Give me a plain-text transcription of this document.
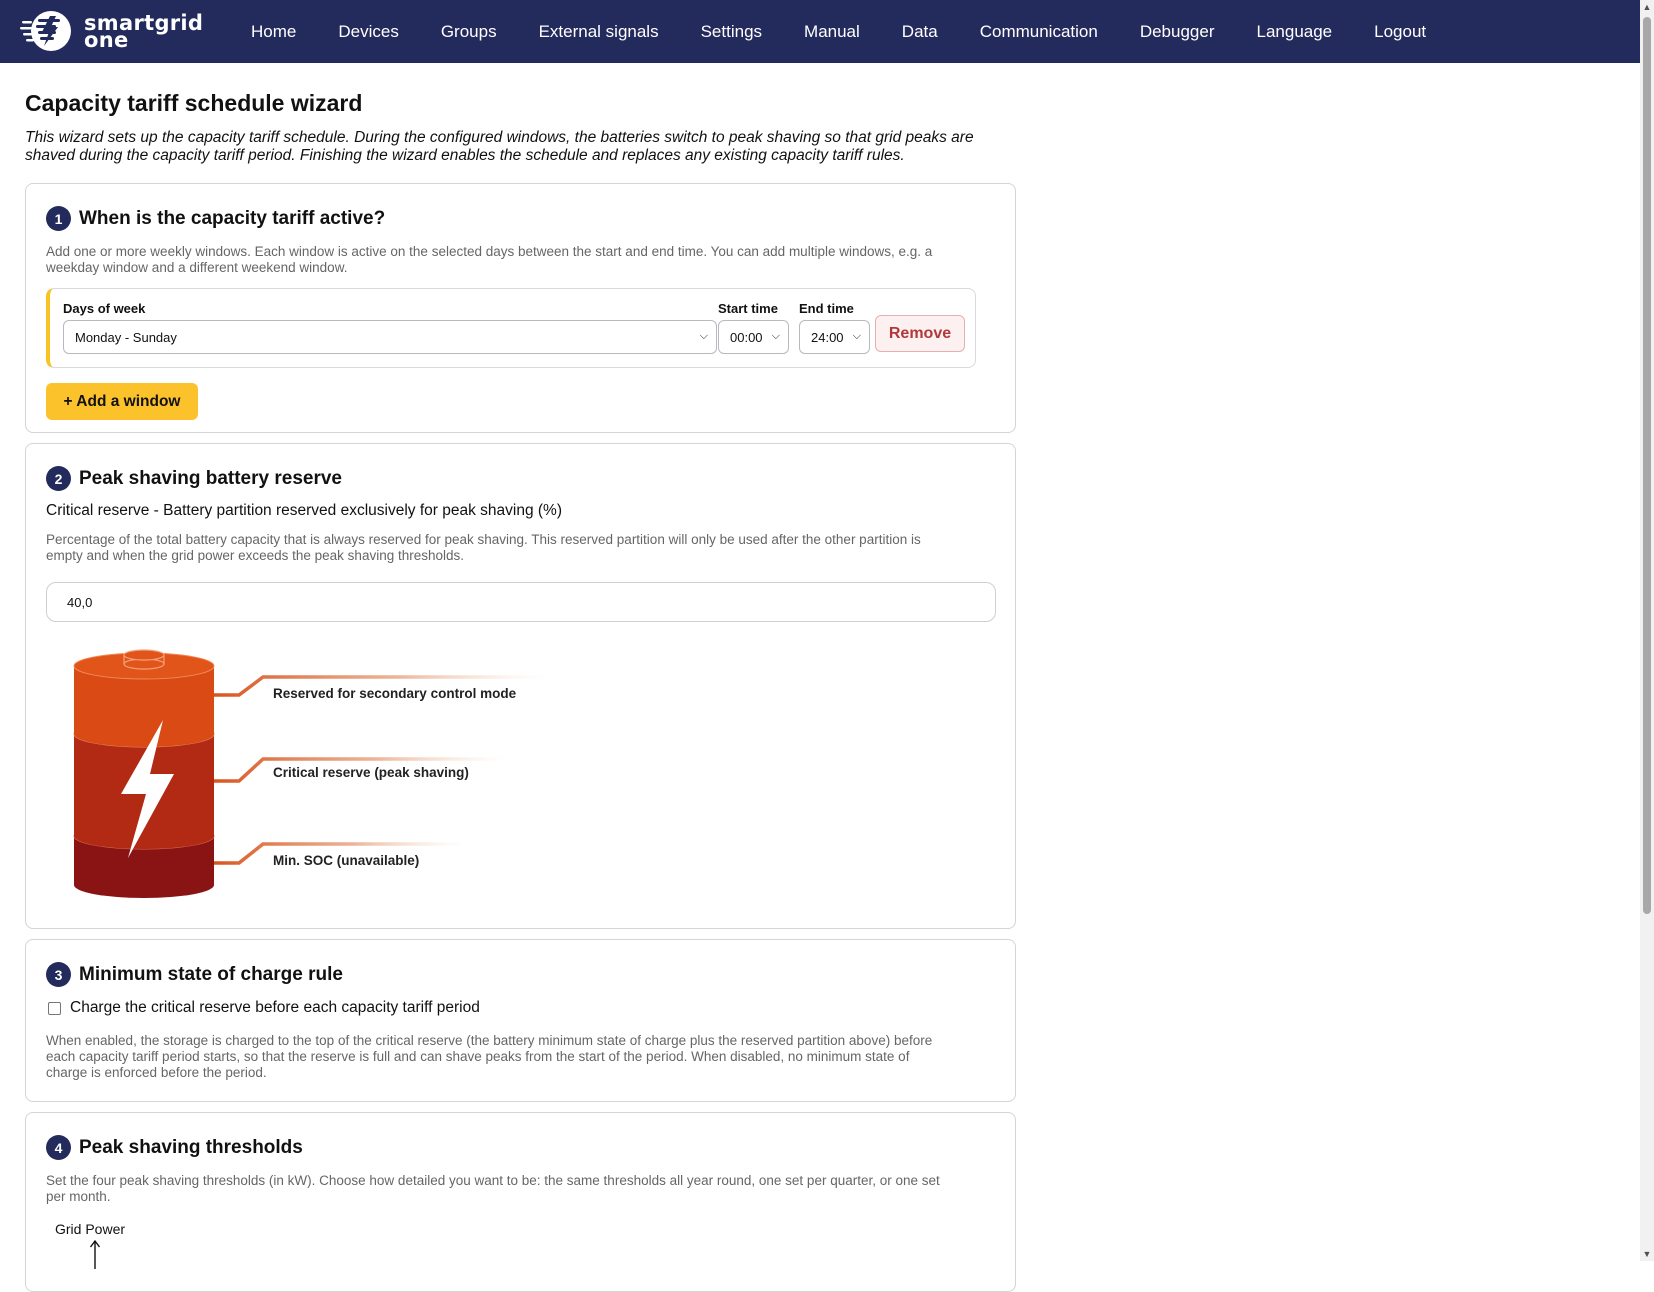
smartgrid
one	Home	Devices	Groups	External signals	Settings	Manual	Data	Communication	Debugger	Language	Logout
▲
▼
Capacity tariff schedule wizard
This wizard sets up the capacity tariff schedule. During the configured windows, the batteries switch to peak shaving so that grid peaks are
shaved during the capacity tariff period. Finishing the wizard enables the schedule and replaces any existing capacity tariff rules.
1 When is the capacity tariff active?
Add one or more weekly windows. Each window is active on the selected days between the start and end time. You can add multiple windows, e.g. a
weekday window and a different weekend window.
Days of week
Monday - Sunday	⌵
Start time
00:00 ⌵
End time
24:00 ⌵	Remove
+ Add a window
2 Peak shaving battery reserve
Critical reserve - Battery partition reserved exclusively for peak shaving (%)
Percentage of the total battery capacity that is always reserved for peak shaving. This reserved partition will only be used after the other partition is
empty and when the grid power exceeds the peak shaving thresholds.
40,0
Reserved for secondary control mode
Critical reserve (peak shaving)
Min. SOC (unavailable)
3 Minimum state of charge rule
Charge the critical reserve before each capacity tariff period
When enabled, the storage is charged to the top of the critical reserve (the battery minimum state of charge plus the reserved partition above) before
each capacity tariff period starts, so that the reserve is full and can shave peaks from the start of the period. When disabled, no minimum state of
charge is enforced before the period.
4 Peak shaving thresholds
Set the four peak shaving thresholds (in kW). Choose how detailed you want to be: the same thresholds all year round, one set per quarter, or one set
per month.
Grid Power
